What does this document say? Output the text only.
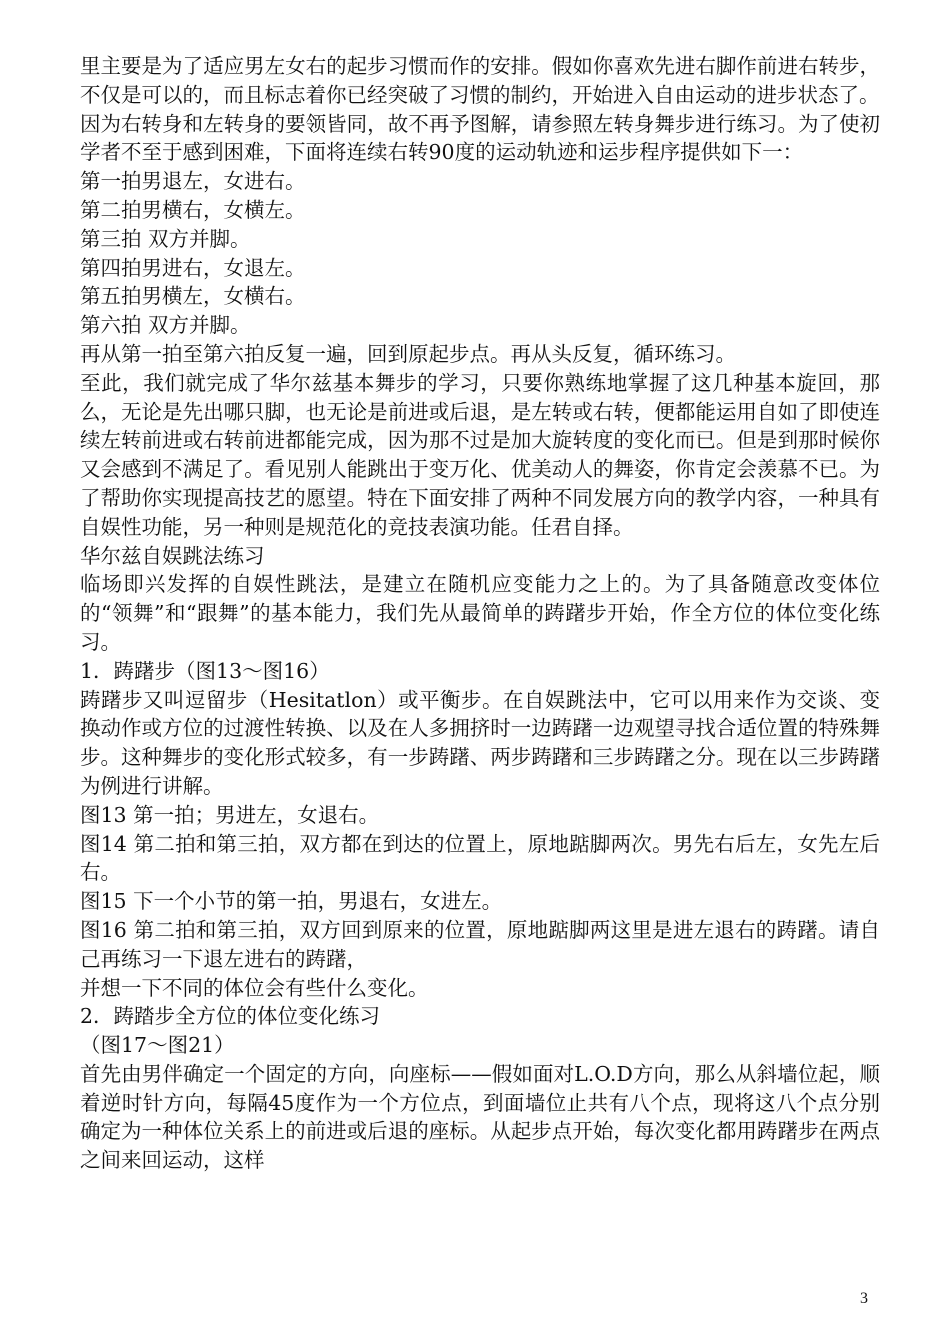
里主要是为了适应男左女右的起步习惯而作的安排。假如你喜欢先进右脚作前进右转步，不仅是可以的，而且标志着你已经突破了习惯的制约，开始进入自由运动的进步状态了。

因为右转身和左转身的要领皆同，故不再予图解，请参照左转身舞步进行练习。为了使初学者不至于感到困难，下面将连续右转90度的运动轨迹和运步程序提供如下一：

第一拍男退左，女进右。

第二拍男横右，女横左。

第三拍 双方并脚。

第四拍男进右，女退左。

第五拍男横左，女横右。

第六拍 双方并脚。

再从第一拍至第六拍反复一遍，回到原起步点。再从头反复，循环练习。

至此，我们就完成了华尔兹基本舞步的学习，只要你熟练地掌握了这几种基本旋回，那么，无论是先出哪只脚，也无论是前进或后退，是左转或右转，便都能运用自如了即使连续左转前进或右转前进都能完成，因为那不过是加大旋转度的变化而已。但是到那时候你又会感到不满足了。看见别人能跳出于变万化、优美动人的舞姿，你肯定会羡慕不已。为了帮助你实现提高技艺的愿望。特在下面安排了两种不同发展方向的教学内容，一种具有自娱性功能，另一种则是规范化的竞技表演功能。任君自择。

华尔兹自娱跳法练习

临场即兴发挥的自娱性跳法，是建立在随机应变能力之上的。为了具备随意改变体位的“领舞”和“跟舞”的基本能力，我们先从最简单的踌躇步开始，作全方位的体位变化练习。

1．踌躇步（图13～图16）

踌躇步又叫逗留步（Hesitatlon）或平衡步。在自娱跳法中，它可以用来作为交谈、变换动作或方位的过渡性转换、以及在人多拥挤时一边踌躇一边观望寻找合适位置的特殊舞步。这种舞步的变化形式较多，有一步踌躇、两步踌躇和三步踌躇之分。现在以三步踌躇为例进行讲解。

图13 第一拍；男进左，女退右。

图14 第二拍和第三拍，双方都在到达的位置上，原地踮脚两次。男先右后左，女先左后右。

图15 下一个小节的第一拍，男退右，女进左。

图16 第二拍和第三拍，双方回到原来的位置，原地踮脚两这里是进左退右的踌躇。请自己再练习一下退左进右的踌躇，

并想一下不同的体位会有些什么变化。

2．踌踏步全方位的体位变化练习

（图17～图21）

首先由男伴确定一个固定的方向，向座标——假如面对L.O.D方向，那么从斜墙位起，顺着逆时针方向，每隔45度作为一个方位点，到面墙位止共有八个点，现将这八个点分别确定为一种体位关系上的前进或后退的座标。从起步点开始，每次变化都用踌躇步在两点之间来回运动，这样

3
